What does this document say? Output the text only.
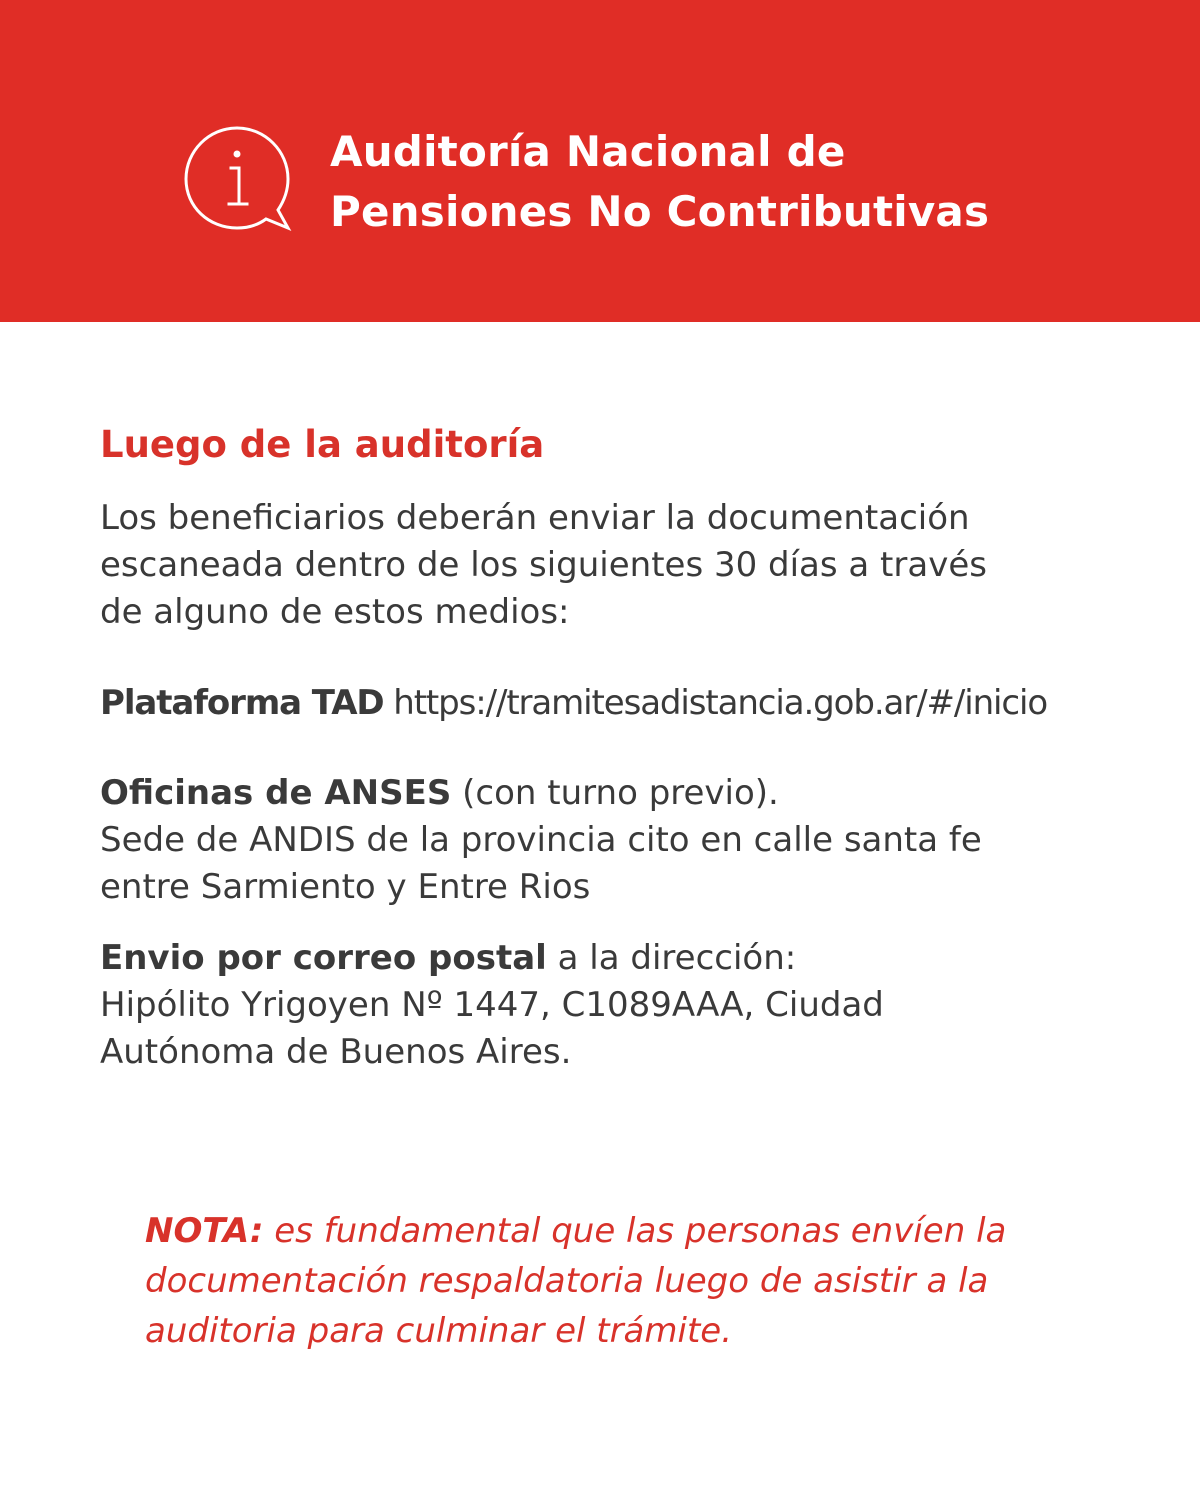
Auditoría Nacional de
Pensiones No Contributivas
Luego de la auditoría

Los beneficiarios deberán enviar la documentación
escaneada dentro de los siguientes 30 días a través
de alguno de estos medios:

Plataforma TAD https://tramitesadistancia.gob.ar/#/inicio

Oficinas de ANSES (con turno previo).
Sede de ANDIS de la provincia cito en calle santa fe
entre Sarmiento y Entre Rios

Envio por correo postal a la dirección:
Hipólito Yrigoyen Nº 1447, C1089AAA, Ciudad
Autónoma de Buenos Aires.

NOTA: es fundamental que las personas envíen la
documentación respaldatoria luego de asistir a la
auditoria para culminar el trámite.
